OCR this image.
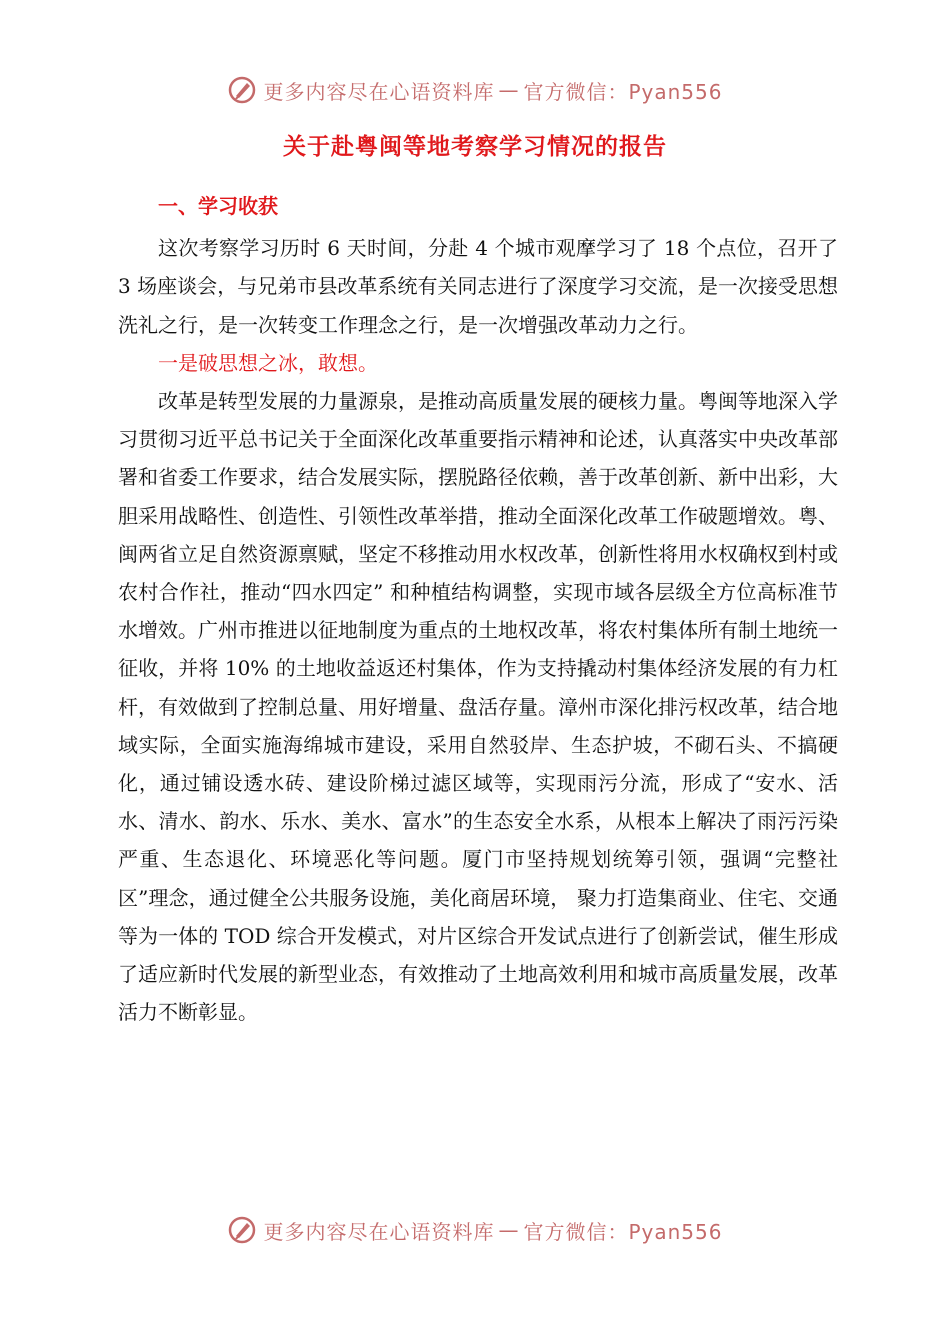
更多内容尽在心语资料库 — 官方微信：Pyan556
关于赴粤闽等地考察学习情况的报告
一、学习收获

这次考察学习历时 6 天时间，分赴 4 个城市观摩学习了 18 个点位，召开了 3 场座谈会，与兄弟市县改革系统有关同志进行了深度学习交流，是一次接受思想洗礼之行，是一次转变工作理念之行，是一次增强改革动力之行。

一是破思想之冰，敢想。

改革是转型发展的力量源泉，是推动高质量发展的硬核力量。粤闽等地深入学习贯彻习近平总书记关于全面深化改革重要指示精神和论述，认真落实中央改革部署和省委工作要求，结合发展实际，摆脱路径依赖，善于改革创新、新中出彩，大胆采用战略性、创造性、引领性改革举措，推动全面深化改革工作破题增效。粤、闽两省立足自然资源禀赋，坚定不移推动用水权改革，创新性将用水权确权到村或农村合作社，推动“四水四定” 和种植结构调整，实现市域各层级全方位高标准节水增效。广州市推进以征地制度为重点的土地权改革，将农村集体所有制土地统一征收，并将 10% 的土地收益返还村集体，作为支持撬动村集体经济发展的有力杠杆，有效做到了控制总量、用好增量、盘活存量。漳州市深化排污权改革，结合地域实际，全面实施海绵城市建设，采用自然驳岸、生态护坡，不砌石头、不搞硬化，通过铺设透水砖、建设阶梯过滤区域等，实现雨污分流，形成了“安水、活水、清水、韵水、乐水、美水、富水”的生态安全水系，从根本上解决了雨污污染严重、生态退化、环境恶化等问题。厦门市坚持规划统筹引领，强调“完整社区”理念，通过健全公共服务设施，美化商居环境， 聚力打造集商业、住宅、交通等为一体的 TOD 综合开发模式，对片区综合开发试点进行了创新尝试，催生形成了适应新时代发展的新型业态，有效推动了土地高效利用和城市高质量发展，改革活力不断彰显。

更多内容尽在心语资料库 — 官方微信：Pyan556
